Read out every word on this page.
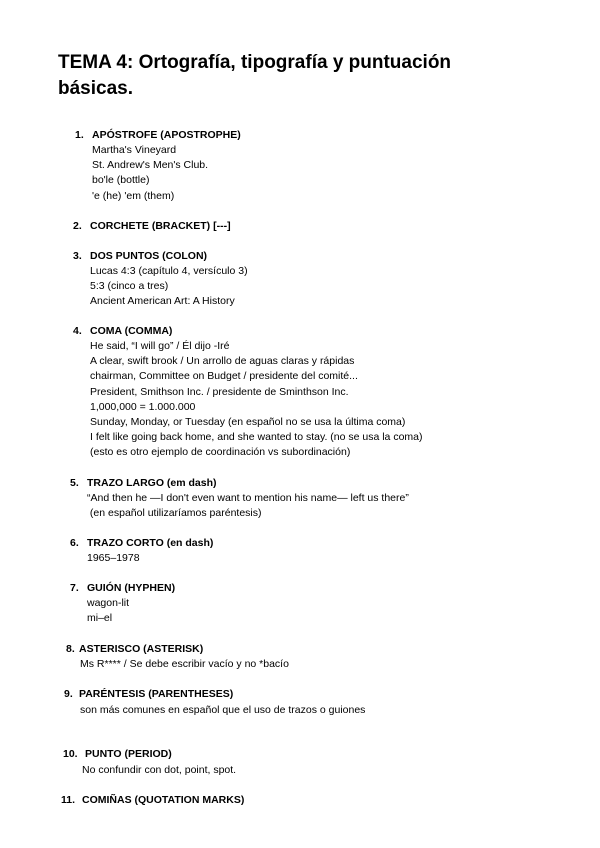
TEMA 4: Ortografía, tipografía y puntuación básicas.
1. APÓSTROFE (APOSTROPHE)
Martha's Vineyard
St. Andrew's Men's Club.
bo'le (bottle)
'e (he) 'em (them)
2. CORCHETE (BRACKET) [---]
3. DOS PUNTOS (COLON)
Lucas 4:3 (capítulo 4, versículo 3)
5:3 (cinco a tres)
Ancient American Art: A History
4. COMA (COMMA)
He said, “I will go” / Él dijo -Iré
A clear, swift brook / Un arrollo de aguas claras y rápidas
chairman, Committee on Budget / presidente del comité...
President, Smithson Inc. / presidente de Sminthson Inc.
1,000,000 = 1.000.000
Sunday, Monday, or Tuesday (en español no se usa la última coma)
I felt like going back home, and she wanted to stay. (no se usa la coma)
(esto es otro ejemplo de coordinación vs subordinación)
5. TRAZO LARGO (em dash)
“And then he —I don't even want to mention his name— left us there”
(en español utilizaríamos paréntesis)
6. TRAZO CORTO (en dash)
1965–1978
7. GUIÓN (HYPHEN)
wagon-lit
mi–el
8. ASTERISCO (ASTERISK)
Ms R**** / Se debe escribir vacío y no *bacío
9. PARÉNTESIS (PARENTHESES)
son más comunes en español que el uso de trazos o guiones
10. PUNTO (PERIOD)
No confundir con dot, point, spot.
11. COMIÑAS (QUOTATION MARKS)
